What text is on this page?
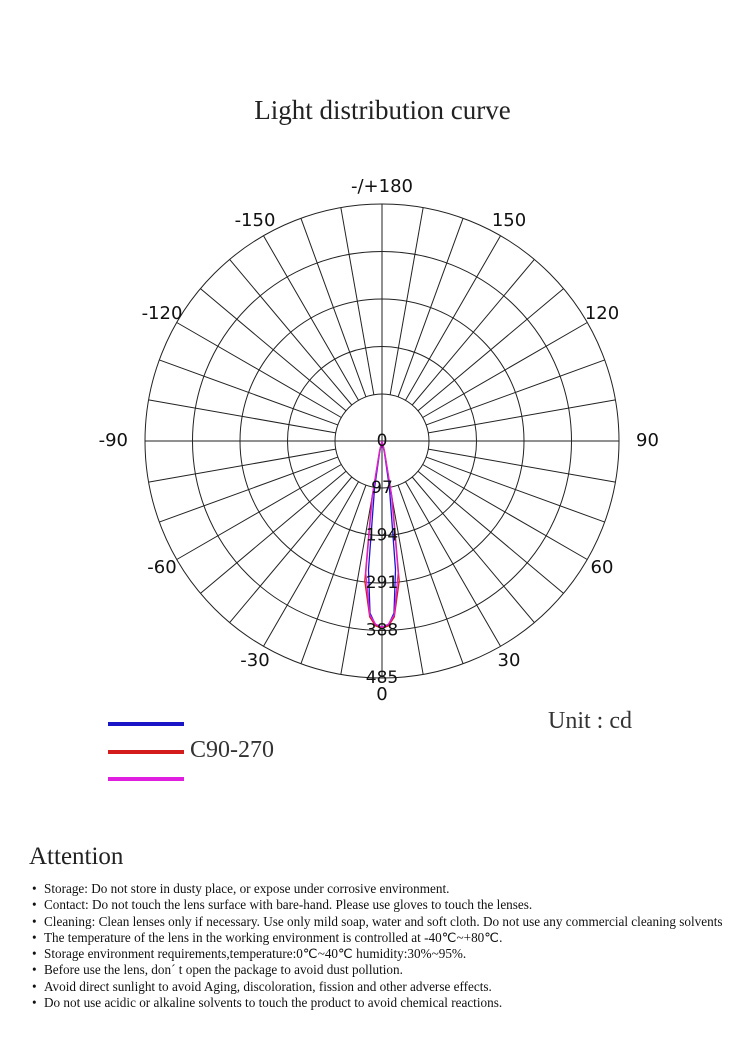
Light distribution curve
0
97
194
291
388
485
-/+180
150
-150
120
-120
90
-90
60
-60
30
-30
0
C90-270
Unit : cd
Attention
• Storage: Do not store in dusty place, or expose under corrosive environment.
• Contact: Do not touch the lens surface with bare-hand. Please use gloves to touch the lenses.
• Cleaning: Clean lenses only if necessary. Use only mild soap, water and soft cloth. Do not use any commercial cleaning solvents
• The temperature of the lens in the working environment is controlled at -40℃~+80℃.
• Storage environment requirements,temperature:0℃~40℃ humidity:30%~95%.
• Before use the lens, don´ t open the package to avoid dust pollution.
• Avoid direct sunlight to avoid Aging, discoloration, fission and other adverse effects.
• Do not use acidic or alkaline solvents to touch the product to avoid chemical reactions.
